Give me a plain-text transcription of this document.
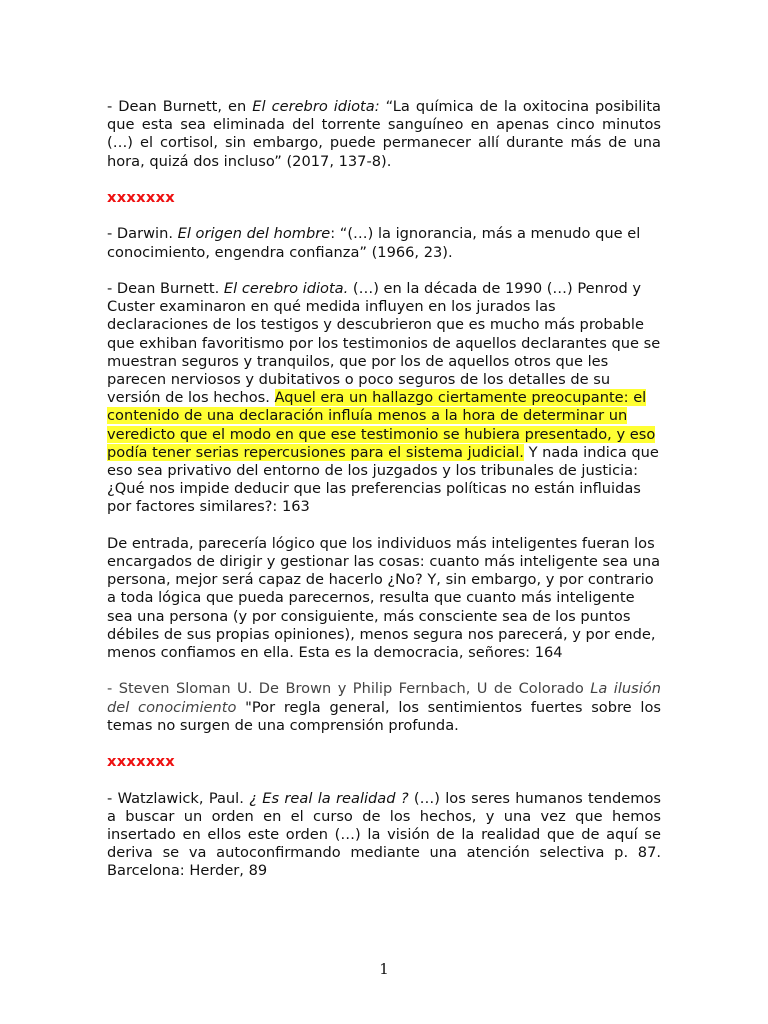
- Dean Burnett, en El cerebro idiota: “La química de la oxitocina posibilita que esta sea eliminada del torrente sanguíneo en apenas cinco minutos (…) el cortisol, sin embargo, puede permanecer allí durante más de una hora, quizá dos incluso” (2017, 137-8).

xxxxxxx

- Darwin. El origen del hombre: “(…) la ignorancia, más a menudo que el conocimiento, engendra confianza” (1966, 23).

- Dean Burnett. El cerebro idiota. (…) en la década de 1990 (…) Penrod y Custer examinaron en qué medida influyen en los jurados las declaraciones de los testigos y descubrieron que es mucho más probable que exhiban favoritismo por los testimonios de aquellos declarantes que se muestran seguros y tranquilos, que por los de aquellos otros que les parecen nerviosos y dubitativos o poco seguros de los detalles de su versión de los hechos. Aquel era un hallazgo ciertamente preocupante: el contenido de una declaración influía menos a la hora de determinar un veredicto que el modo en que ese testimonio se hubiera presentado, y eso podía tener serias repercusiones para el sistema judicial. Y nada indica que eso sea privativo del entorno de los juzgados y los tribunales de justicia: ¿Qué nos impide deducir que las preferencias políticas no están influidas por factores similares?: 163

De entrada, parecería lógico que los individuos más inteligentes fueran los encargados de dirigir y gestionar las cosas: cuanto más inteligente sea una persona, mejor será capaz de hacerlo ¿No? Y, sin embargo, y por contrario a toda lógica que pueda parecernos, resulta que cuanto más inteligente sea una persona (y por consiguiente, más consciente sea de los puntos débiles de sus propias opiniones), menos segura nos parecerá, y por ende, menos confiamos en ella. Esta es la democracia, señores: 164

- Steven Sloman U. De Brown y Philip Fernbach, U de Colorado La ilusión del conocimiento "Por regla general, los sentimientos fuertes sobre los temas no surgen de una comprensión profunda.

xxxxxxx

- Watzlawick, Paul. ¿ Es real la realidad ? (…) los seres humanos tendemos a buscar un orden en el curso de los hechos, y una vez que hemos insertado en ellos este orden (…) la visión de la realidad que de aquí se deriva se va autoconfirmando mediante una atención selectiva p. 87. Barcelona: Herder, 89

1
